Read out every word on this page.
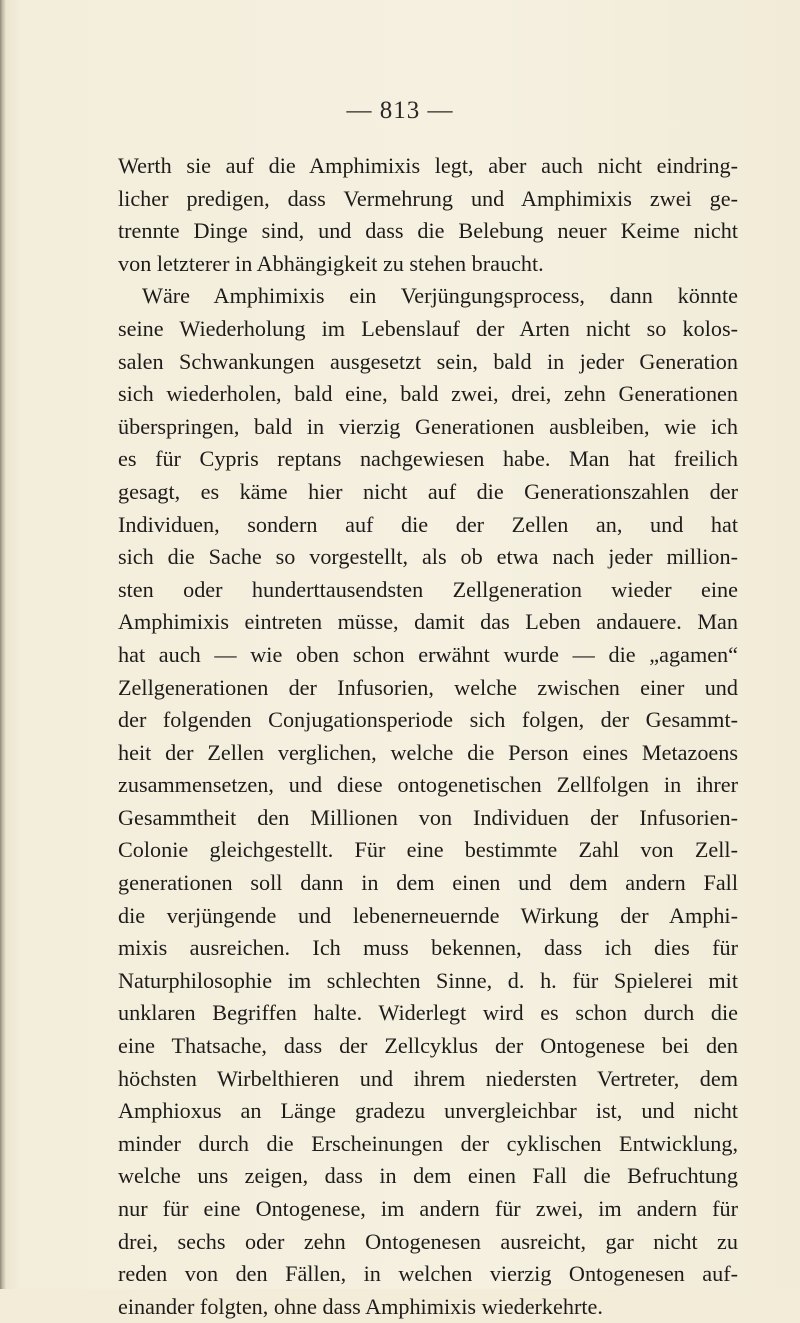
— 813 —
Werth sie auf die Amphimixis legt, aber auch nicht eindring-
licher predigen, dass Vermehrung und Amphimixis zwei ge-
trennte Dinge sind, und dass die Belebung neuer Keime nicht
von letzterer in Abhängigkeit zu stehen braucht.
Wäre Amphimixis ein Verjüngungsprocess, dann könnte
seine Wiederholung im Lebenslauf der Arten nicht so kolos-
salen Schwankungen ausgesetzt sein, bald in jeder Generation
sich wiederholen, bald eine, bald zwei, drei, zehn Generationen
überspringen, bald in vierzig Generationen ausbleiben, wie ich
es für Cypris reptans nachgewiesen habe. Man hat freilich
gesagt, es käme hier nicht auf die Generationszahlen der
Individuen, sondern auf die der Zellen an, und hat
sich die Sache so vorgestellt, als ob etwa nach jeder million-
sten oder hunderttausendsten Zellgeneration wieder eine
Amphimixis eintreten müsse, damit das Leben andauere. Man
hat auch — wie oben schon erwähnt wurde — die „agamen“
Zellgenerationen der Infusorien, welche zwischen einer und
der folgenden Conjugationsperiode sich folgen, der Gesammt-
heit der Zellen verglichen, welche die Person eines Metazoens
zusammensetzen, und diese ontogenetischen Zellfolgen in ihrer
Gesammtheit den Millionen von Individuen der Infusorien-
Colonie gleichgestellt. Für eine bestimmte Zahl von Zell-
generationen soll dann in dem einen und dem andern Fall
die verjüngende und lebenerneuernde Wirkung der Amphi-
mixis ausreichen. Ich muss bekennen, dass ich dies für
Naturphilosophie im schlechten Sinne, d. h. für Spielerei mit
unklaren Begriffen halte. Widerlegt wird es schon durch die
eine Thatsache, dass der Zellcyklus der Ontogenese bei den
höchsten Wirbelthieren und ihrem niedersten Vertreter, dem
Amphioxus an Länge gradezu unvergleichbar ist, und nicht
minder durch die Erscheinungen der cyklischen Entwicklung,
welche uns zeigen, dass in dem einen Fall die Befruchtung
nur für eine Ontogenese, im andern für zwei, im andern für
drei, sechs oder zehn Ontogenesen ausreicht, gar nicht zu
reden von den Fällen, in welchen vierzig Ontogenesen auf-
einander folgten, ohne dass Amphimixis wiederkehrte.
